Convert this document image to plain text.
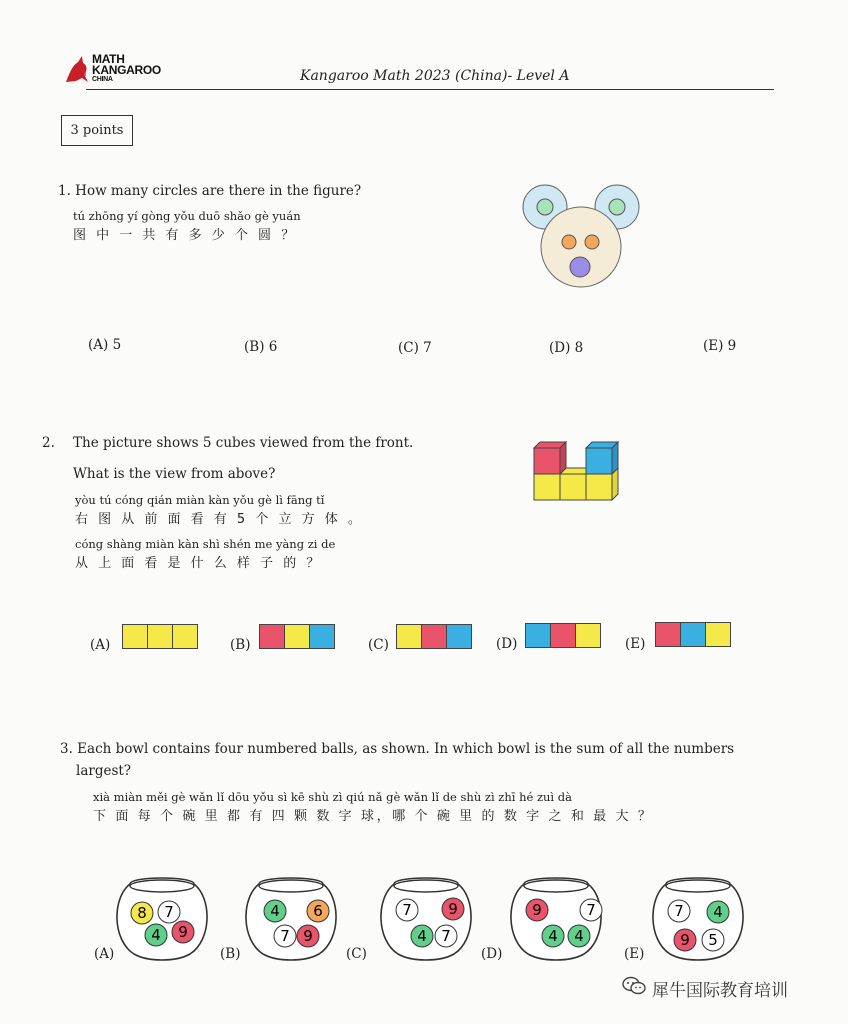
MATH
KANGAROO
CHINA	Kangaroo Math 2023 (China)- Level A
3 points
1. How many circles are there in the figure?
tú zhōng yí gòng yǒu duō shǎo gè yuán
图 中 一 共 有 多 少 个 圆 ？
(A) 5	(B) 6	(C) 7	(D) 8	(E) 9
2. The picture shows 5 cubes viewed from the front.
What is the view from above?
yòu tú cóng qián miàn kàn yǒu gè lì fāng tǐ
右 图 从 前 面 看 有 5 个 立 方 体 。
cóng shàng miàn kàn shì shén me yàng zi de
从 上 面 看 是 什 么 样 子 的 ？
(A)	(B)	(C)	(D)	(E)
3. Each bowl contains four numbered balls, as shown. In which bowl is the sum of all the numbers
largest?
xià miàn měi gè wǎn lǐ dōu yǒu sì kē shù zì qiú nǎ gè wǎn lǐ de shù zì zhī hé zuì dà
下 面 每 个 碗 里 都 有 四 颗 数 字 球，哪 个 碗 里 的 数 字 之 和 最 大 ？
8 7
4 9
(A)
4 6
7 9
(B)
7 9
4 7
(C)
9	7
4 4
(D)
7 4
9 5
(E)
犀牛国际教育培训
